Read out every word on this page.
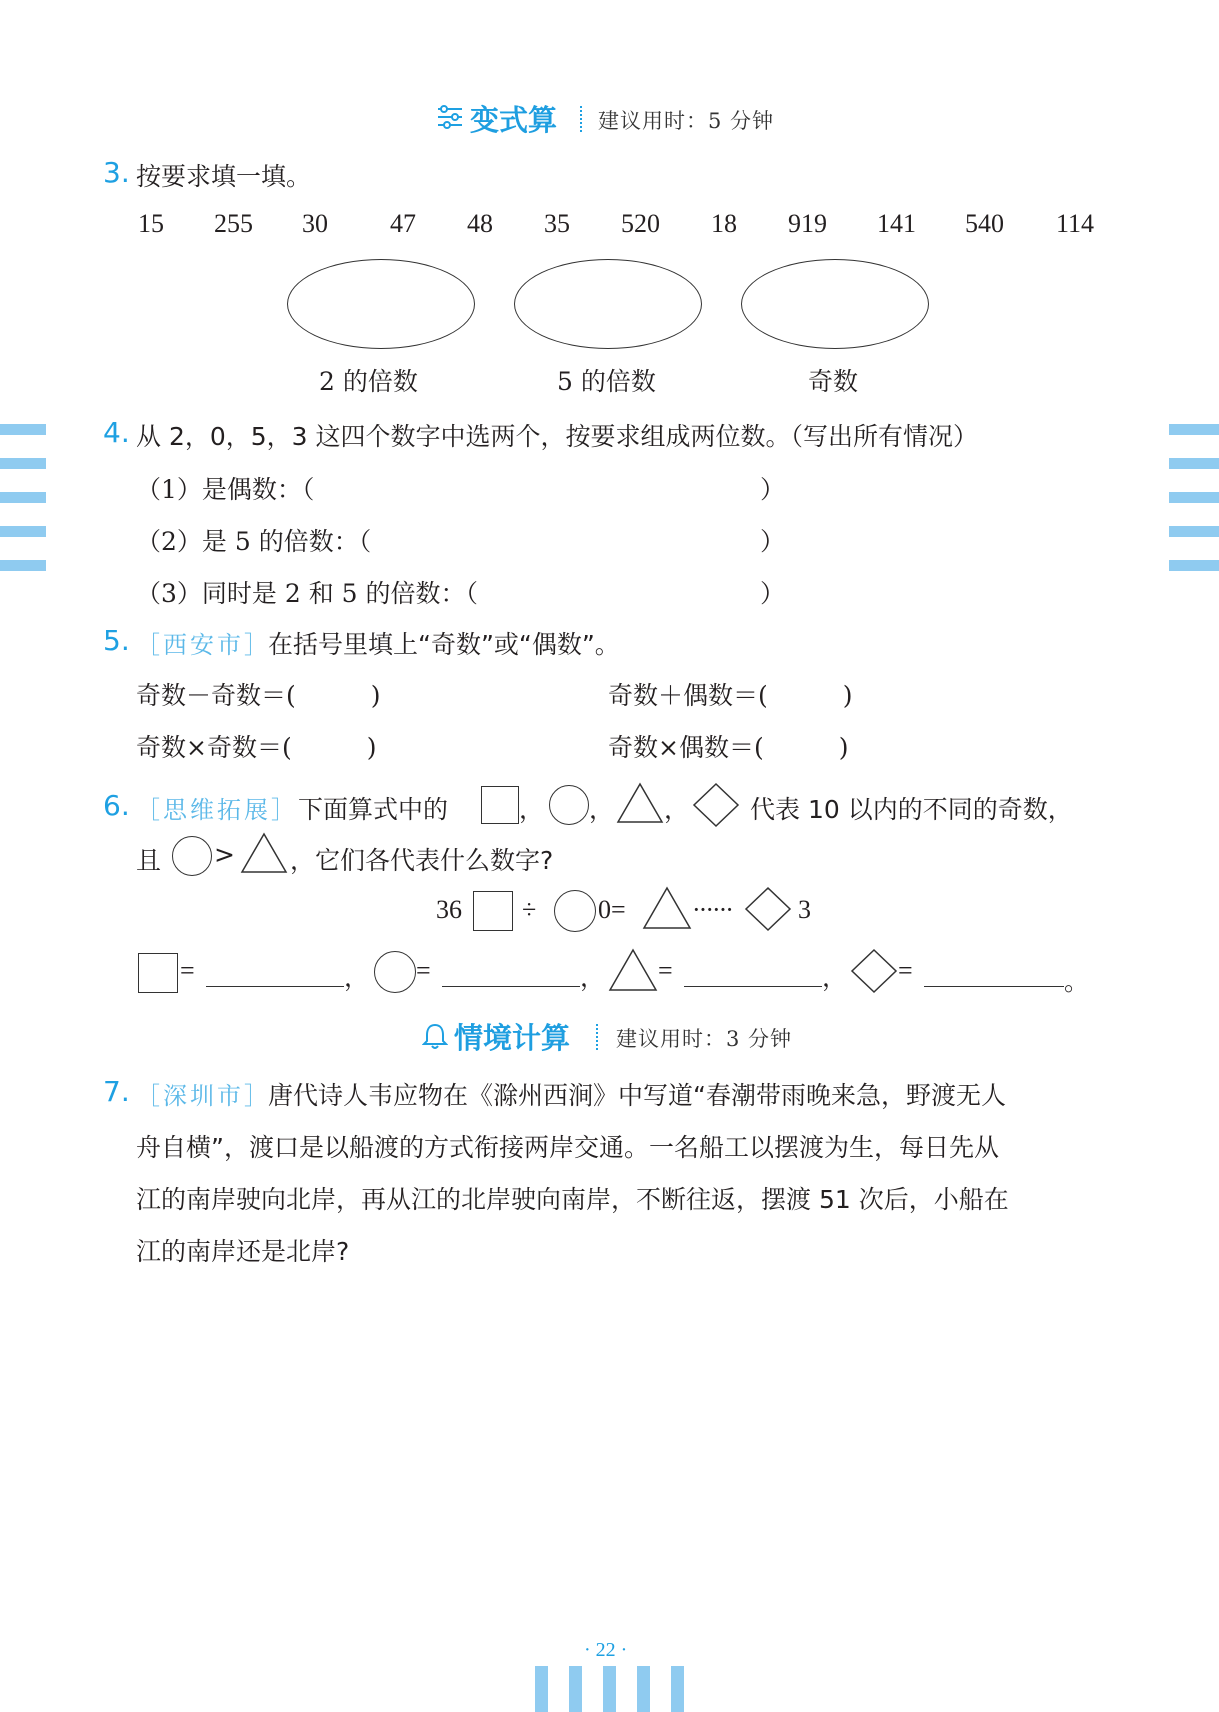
变式算 建议用时：5 分钟
3. 按要求填一填。
15 255 30 47 48 35 520 18 919 141 540 114
2 的倍数	5 的倍数	奇数
4. 从 2，0，5，3 这四个数字中选两个，按要求组成两位数。（写出所有情况）
（1）是偶数：（	）
（2）是 5 的倍数：（	）
（3）同时是 2 和 5 的倍数：（	）
5. ［西安市］
在括号里填上“奇数”或“偶数”。
奇数－奇数＝(　　　)	奇数＋偶数＝(　　　)
奇数×奇数＝(　　　)	奇数×偶数＝(　　　)
6. ［思维拓展］ 下面算式中的	， ， ， 代表 10 以内的不同的奇数，
且 > ，它们各代表什么数字?
36 ÷ 0=	······	3
=	， =	， =	， =	。
情境计算 建议用时：3 分钟
7. ［深圳市］
唐代诗人韦应物在《滁州西涧》中写道“春潮带雨晚来急，野渡无人
舟自横”，渡口是以船渡的方式衔接两岸交通。一名船工以摆渡为生，每日先从
江的南岸驶向北岸，再从江的北岸驶向南岸，不断往返，摆渡 51 次后，小船在
江的南岸还是北岸?
· 22 ·
